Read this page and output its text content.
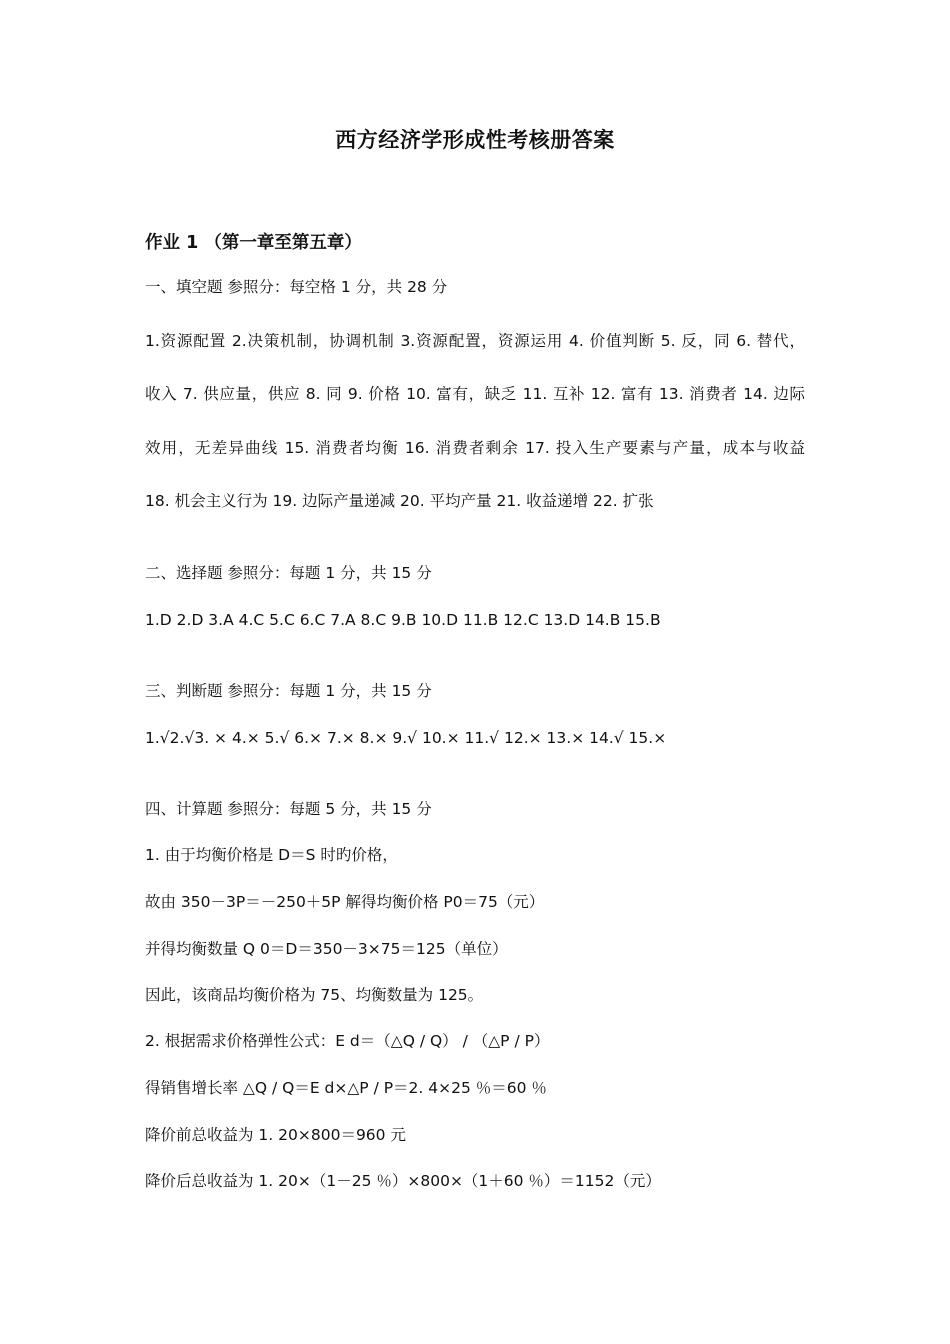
西方经济学形成性考核册答案
作业 1 （第一章至第五章）
一、填空题 参照分：每空格 1 分，共 28 分
1.资源配置 2.决策机制，协调机制 3.资源配置，资源运用 4. 价值判断 5. 反，同 6. 替代，
收入 7. 供应量，供应 8. 同 9. 价格 10. 富有，缺乏 11. 互补 12. 富有 13. 消费者 14. 边际
效用，无差异曲线 15. 消费者均衡 16. 消费者剩余 17. 投入生产要素与产量，成本与收益
18. 机会主义行为 19. 边际产量递减 20. 平均产量 21. 收益递增 22. 扩张
二、选择题 参照分：每题 1 分，共 15 分
1.D 2.D 3.A 4.C 5.C 6.C 7.A 8.C 9.B 10.D 11.B 12.C 13.D 14.B 15.B
三、判断题 参照分：每题 1 分，共 15 分
1.√2.√3. × 4.× 5.√ 6.× 7.× 8.× 9.√ 10.× 11.√ 12.× 13.× 14.√ 15.×
四、计算题 参照分：每题 5 分，共 15 分
1. 由于均衡价格是 D＝S 时旳价格，
故由 350－3P＝－250＋5P 解得均衡价格 P0＝75（元）
并得均衡数量 Q 0＝D＝350－3×75＝125（单位）
因此，该商品均衡价格为 75、均衡数量为 125。
2. 根据需求价格弹性公式：E d＝（△Q / Q） / （△P / P）
得销售增长率 △Q / Q＝E d×△P / P＝2. 4×25 ％＝60 ％
降价前总收益为 1. 20×800＝960 元
降价后总收益为 1. 20×（1－25 ％）×800×（1＋60 ％）＝1152（元）
